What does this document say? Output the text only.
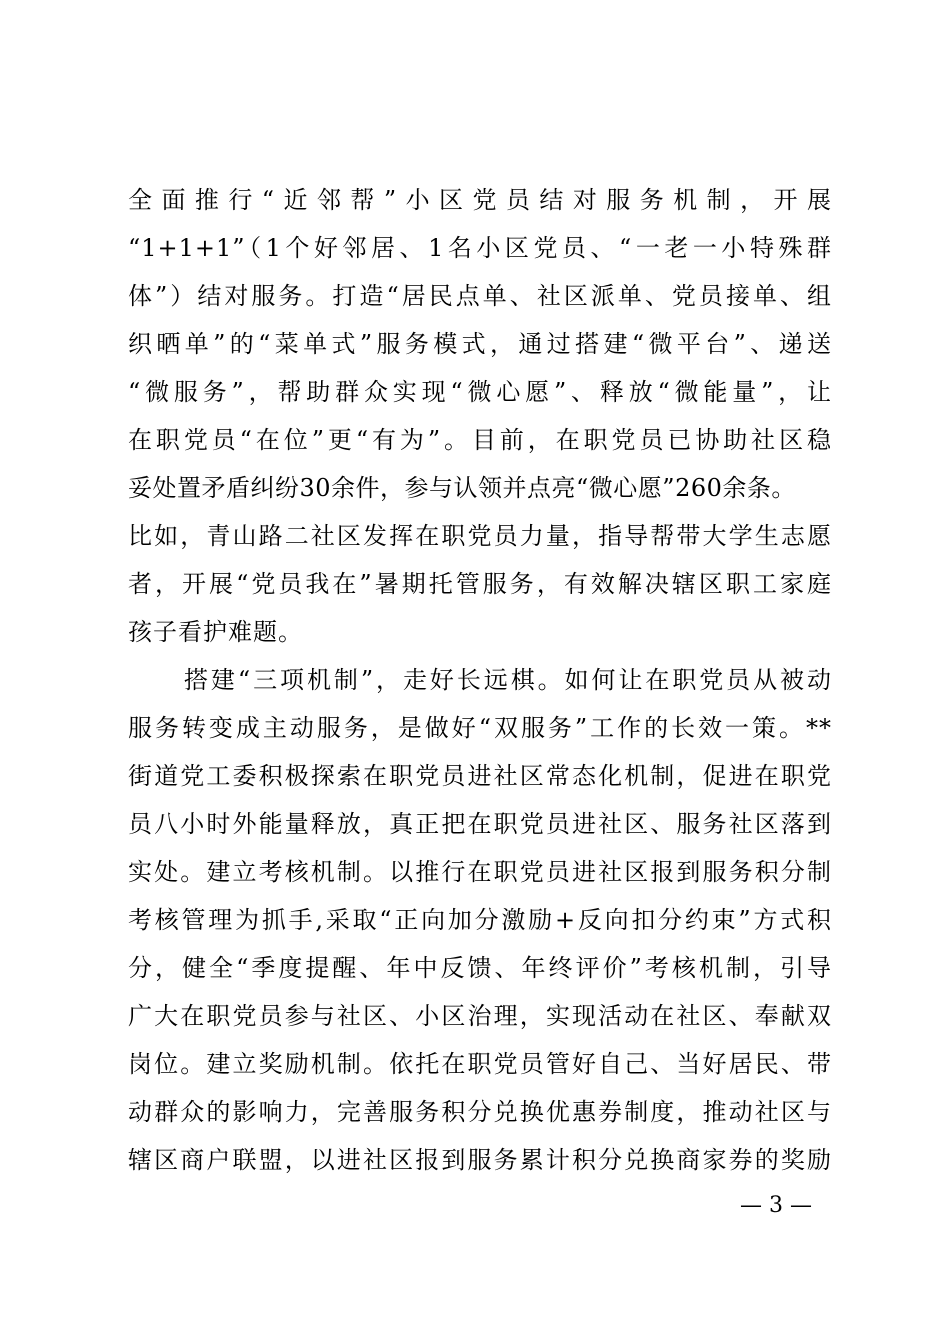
全面推行“近邻帮”小区党员结对服务机制，开展
“1+1+1”（1个好邻居、1名小区党员、“一老一小特殊群
体”）结对服务。打造“居民点单、社区派单、党员接单、组
织晒单”的“菜单式”服务模式，通过搭建“微平台”、递送
“微服务”，帮助群众实现“微心愿”、释放“微能量”，让
在职党员“在位”更“有为”。目前，在职党员已协助社区稳
妥处置矛盾纠纷30余件，参与认领并点亮“微心愿”260余条。
比如，青山路二社区发挥在职党员力量，指导帮带大学生志愿
者，开展“党员我在”暑期托管服务，有效解决辖区职工家庭
孩子看护难题。
搭建“三项机制”，走好长远棋。如何让在职党员从被动
服务转变成主动服务，是做好“双服务”工作的长效一策。**
街道党工委积极探索在职党员进社区常态化机制，促进在职党
员八小时外能量释放，真正把在职党员进社区、服务社区落到
实处。建立考核机制。以推行在职党员进社区报到服务积分制
考核管理为抓手,采取“正向加分激励+反向扣分约束”方式积
分，健全“季度提醒、年中反馈、年终评价”考核机制，引导
广大在职党员参与社区、小区治理，实现活动在社区、奉献双
岗位。建立奖励机制。依托在职党员管好自己、当好居民、带
动群众的影响力，完善服务积分兑换优惠券制度，推动社区与
辖区商户联盟，以进社区报到服务累计积分兑换商家券的奖励
— 3 —
